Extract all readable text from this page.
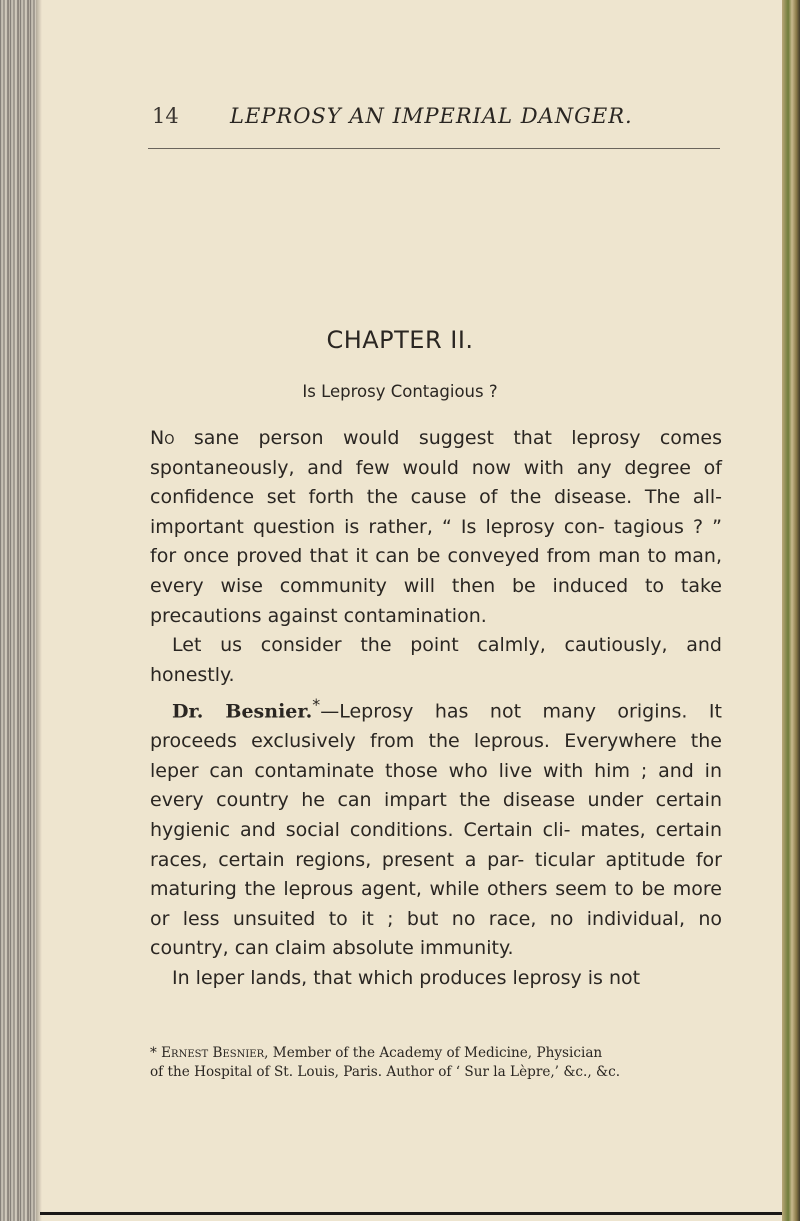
14 LEPROSY AN IMPERIAL DANGER.
CHAPTER II.
Is Leprosy Contagious ?

No sane person would suggest that leprosy comes spontaneously, and few would now with any degree of confidence set forth the cause of the disease. The all-important question is rather, “ Is leprosy con- tagious ? ” for once proved that it can be conveyed from man to man, every wise community will then be induced to take precautions against contamination.

Let us consider the point calmly, cautiously, and honestly.

Dr. Besnier.*—Leprosy has not many origins. It proceeds exclusively from the leprous. Everywhere the leper can contaminate those who live with him ; and in every country he can impart the disease under certain hygienic and social conditions. Certain cli- mates, certain races, certain regions, present a par- ticular aptitude for maturing the leprous agent, while others seem to be more or less unsuited to it ; but no race, no individual, no country, can claim absolute immunity.

In leper lands, that which produces leprosy is not

* Ernest Besnier, Member of the Academy of Medicine, Physician

of the Hospital of St. Louis, Paris. Author of ‘ Sur la Lèpre,’ &c., &c.
